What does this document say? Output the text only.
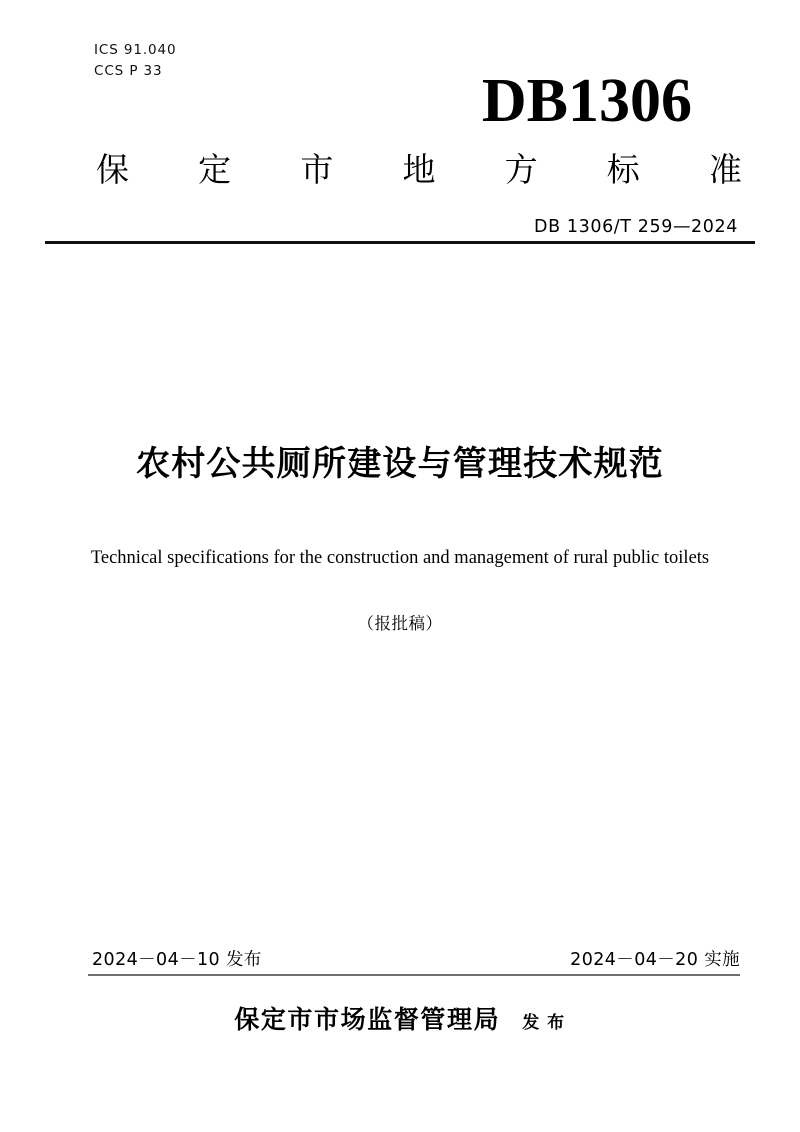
ICS 91.040
CCS P 33	DB1306
保 定 市 地 方 标 准
DB 1306/T 259—2024
农村公共厕所建设与管理技术规范
Technical specifications for the construction and management of rural public toilets
（报批稿）
2024－04－10 发布	2024－04－20 实施
保定市市场监督管理局 发 布
